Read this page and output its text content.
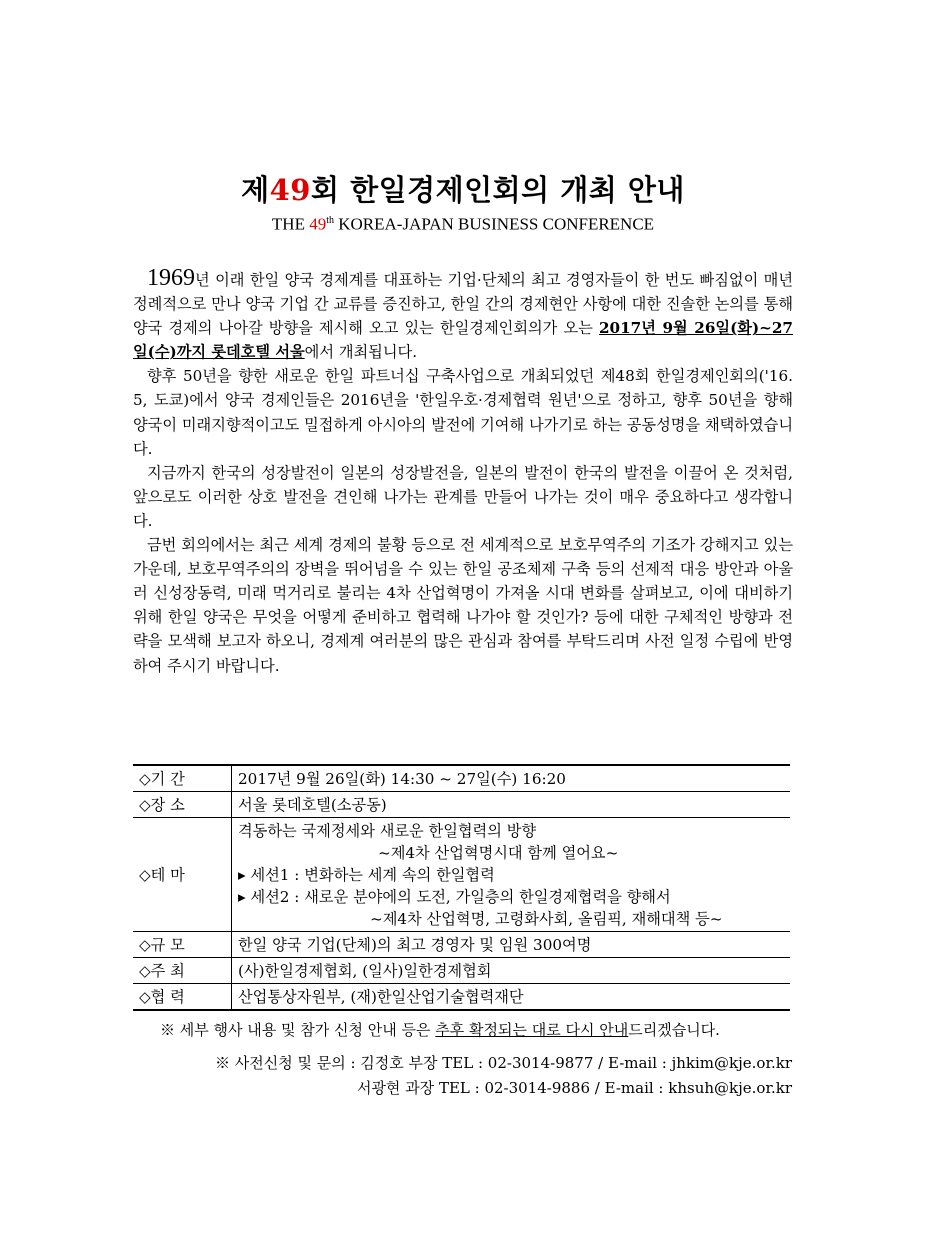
제49회 한일경제인회의 개최 안내
THE 49th KOREA-JAPAN BUSINESS CONFERENCE

1969년 이래 한일 양국 경제계를 대표하는 기업·단체의 최고 경영자들이 한 번도 빠짐없이 매년 정례적으로 만나 양국 기업 간 교류를 증진하고, 한일 간의 경제현안 사항에 대한 진솔한 논의를 통해 양국 경제의 나아갈 방향을 제시해 오고 있는 한일경제인회의가 오는 2017년 9월 26일(화)~27일(수)까지 롯데호텔 서울에서 개최됩니다.

향후 50년을 향한 새로운 한일 파트너십 구축사업으로 개최되었던 제48회 한일경제인회의('16. 5, 도쿄)에서 양국 경제인들은 2016년을 '한일우호·경제협력 원년'으로 정하고, 향후 50년을 향해 양국이 미래지향적이고도 밀접하게 아시아의 발전에 기여해 나가기로 하는 공동성명을 채택하였습니다.

지금까지 한국의 성장발전이 일본의 성장발전을, 일본의 발전이 한국의 발전을 이끌어 온 것처럼, 앞으로도 이러한 상호 발전을 견인해 나가는 관계를 만들어 나가는 것이 매우 중요하다고 생각합니다.

금번 회의에서는 최근 세계 경제의 불황 등으로 전 세계적으로 보호무역주의 기조가 강해지고 있는 가운데, 보호무역주의의 장벽을 뛰어넘을 수 있는 한일 공조체제 구축 등의 선제적 대응 방안과 아울러 신성장동력, 미래 먹거리로 불리는 4차 산업혁명이 가져올 시대 변화를 살펴보고, 이에 대비하기 위해 한일 양국은 무엇을 어떻게 준비하고 협력해 나가야 할 것인가? 등에 대한 구체적인 방향과 전략을 모색해 보고자 하오니, 경제계 여러분의 많은 관심과 참여를 부탁드리며 사전 일정 수립에 반영하여 주시기 바랍니다.

◇기 간	2017년 9월 26일(화) 14:30 ~ 27일(수) 16:20
◇장 소	서울 롯데호텔(소공동)
◇테 마	격동하는 국제정세와 새로운 한일협력의 방향
~제4차 산업혁명시대 함께 열어요~
▸ 세션1 : 변화하는 세계 속의 한일협력
▸ 세션2 : 새로운 분야에의 도전, 가일층의 한일경제협력을 향해서
~제4차 산업혁명, 고령화사회, 올림픽, 재해대책 등~

◇규 모	한일 양국 기업(단체)의 최고 경영자 및 임원 300여명
◇주 최	(사)한일경제협회, (일사)일한경제협회
◇협 력	산업통상자원부, (재)한일산업기술협력재단
※ 세부 행사 내용 및 참가 신청 안내 등은 추후 확정되는 대로 다시 안내드리겠습니다.
※ 사전신청 및 문의 : 김정호 부장 TEL : 02-3014-9877 / E-mail : jhkim@kje.or.kr
서광현 과장 TEL : 02-3014-9886 / E-mail : khsuh@kje.or.kr
